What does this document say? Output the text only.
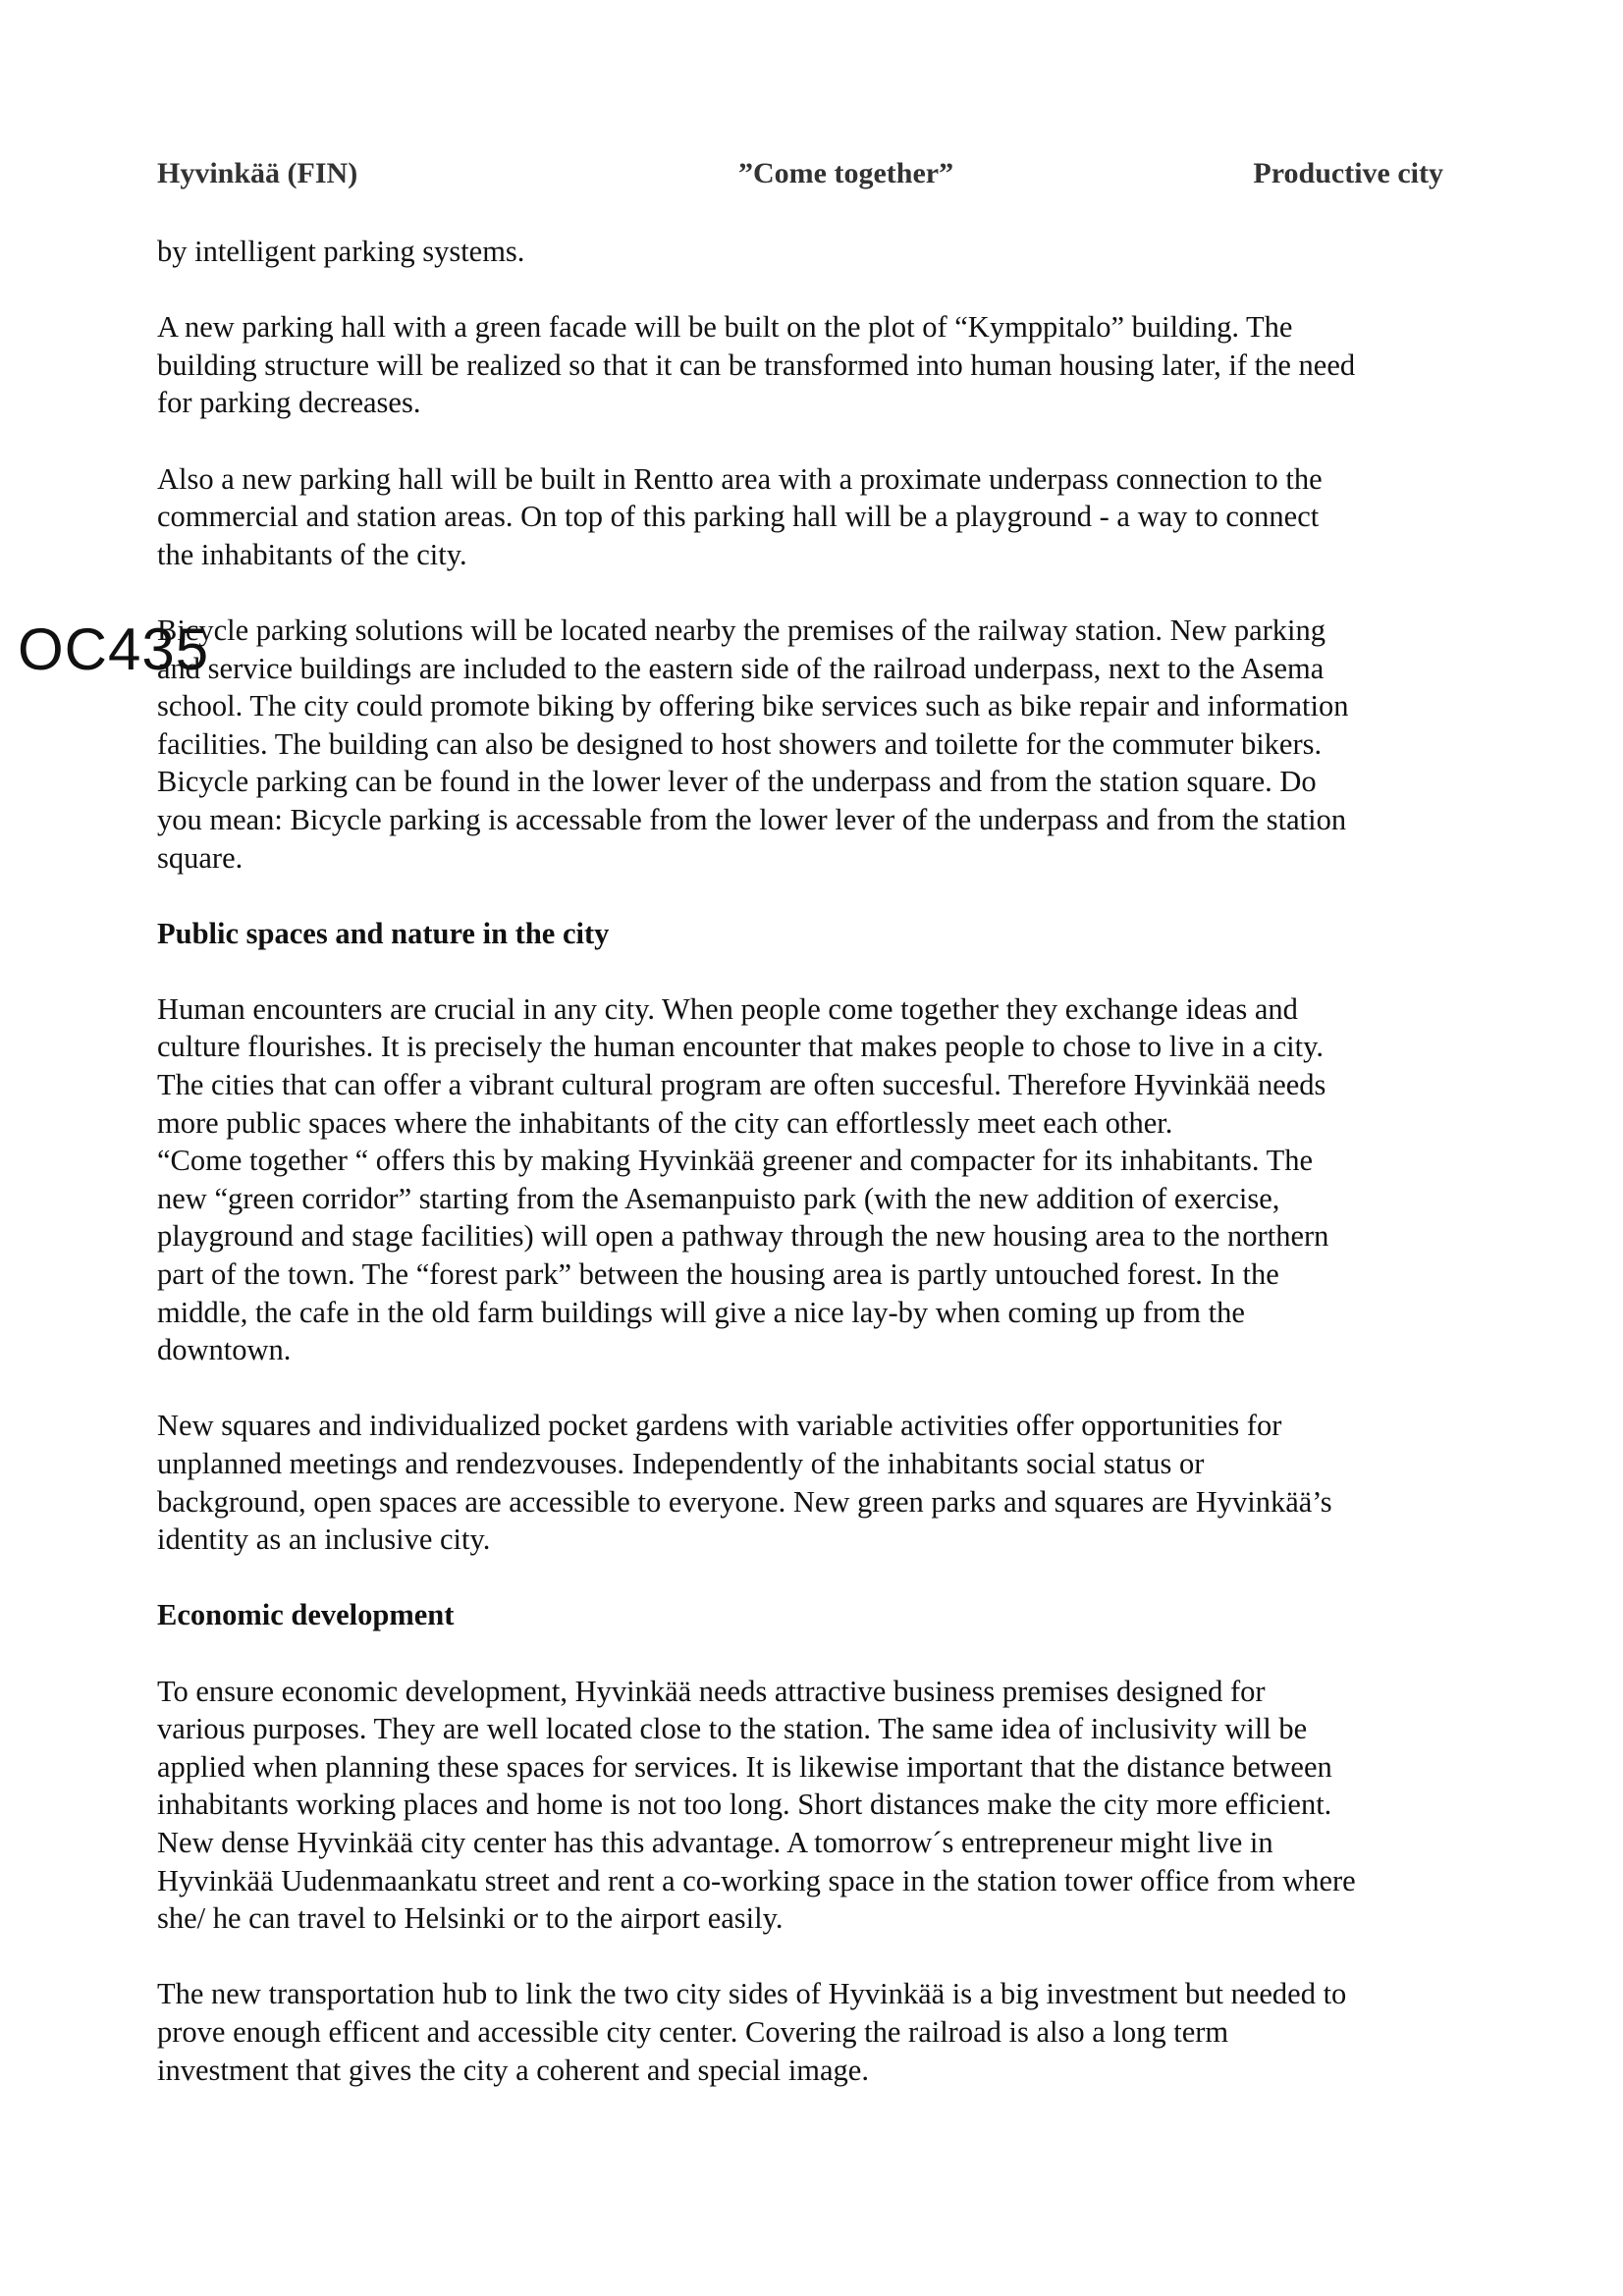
Hyvinkää (FIN)	”Come together”	Productive city
OC435

by intelligent parking systems.

A new parking hall with a green facade will be built on the plot of “Kymppitalo” building. The
building structure will be realized so that it can be transformed into human housing later, if the need
for parking decreases.

Also a new parking hall will be built in Rentto area with a proximate underpass connection to the
commercial and station areas. On top of this parking hall will be a playground - a way to connect
the inhabitants of the city.

Bicycle parking solutions will be located nearby the premises of the railway station. New parking
and service buildings are included to the eastern side of the railroad underpass, next to the Asema
school. The city could promote biking by offering bike services such as bike repair and information
facilities. The building can also be designed to host showers and toilette for the commuter bikers.
Bicycle parking can be found in the lower lever of the underpass and from the station square. Do
you mean: Bicycle parking is accessable from the lower lever of the underpass and from the station
square.

Public spaces and nature in the city

Human encounters are crucial in any city. When people come together they exchange ideas and
culture flourishes. It is precisely the human encounter that makes people to chose to live in a city.
The cities that can offer a vibrant cultural program are often succesful. Therefore Hyvinkää needs
more public spaces where the inhabitants of the city can effortlessly meet each other.

“Come together “ offers this by making Hyvinkää greener and compacter for its inhabitants. The
new “green corridor” starting from the Asemanpuisto park (with the new addition of exercise,
playground and stage facilities) will open a pathway through the new housing area to the northern
part of the town. The “forest park” between the housing area is partly untouched forest. In the
middle, the cafe in the old farm buildings will give a nice lay-by when coming up from the
downtown.

New squares and individualized pocket gardens with variable activities offer opportunities for
unplanned meetings and rendezvouses. Independently of the inhabitants social status or
background, open spaces are accessible to everyone. New green parks and squares are Hyvinkää’s
identity as an inclusive city.

Economic development

To ensure economic development, Hyvinkää needs attractive business premises designed for
various purposes. They are well located close to the station. The same idea of inclusivity will be
applied when planning these spaces for services. It is likewise important that the distance between
inhabitants working places and home is not too long. Short distances make the city more efficient.
New dense Hyvinkää city center has this advantage. A tomorrow´s entrepreneur might live in
Hyvinkää Uudenmaankatu street and rent a co-working space in the station tower office from where
she/ he can travel to Helsinki or to the airport easily.

The new transportation hub to link the two city sides of Hyvinkää is a big investment but needed to
prove enough efficent and accessible city center. Covering the railroad is also a long term
investment that gives the city a coherent and special image.
